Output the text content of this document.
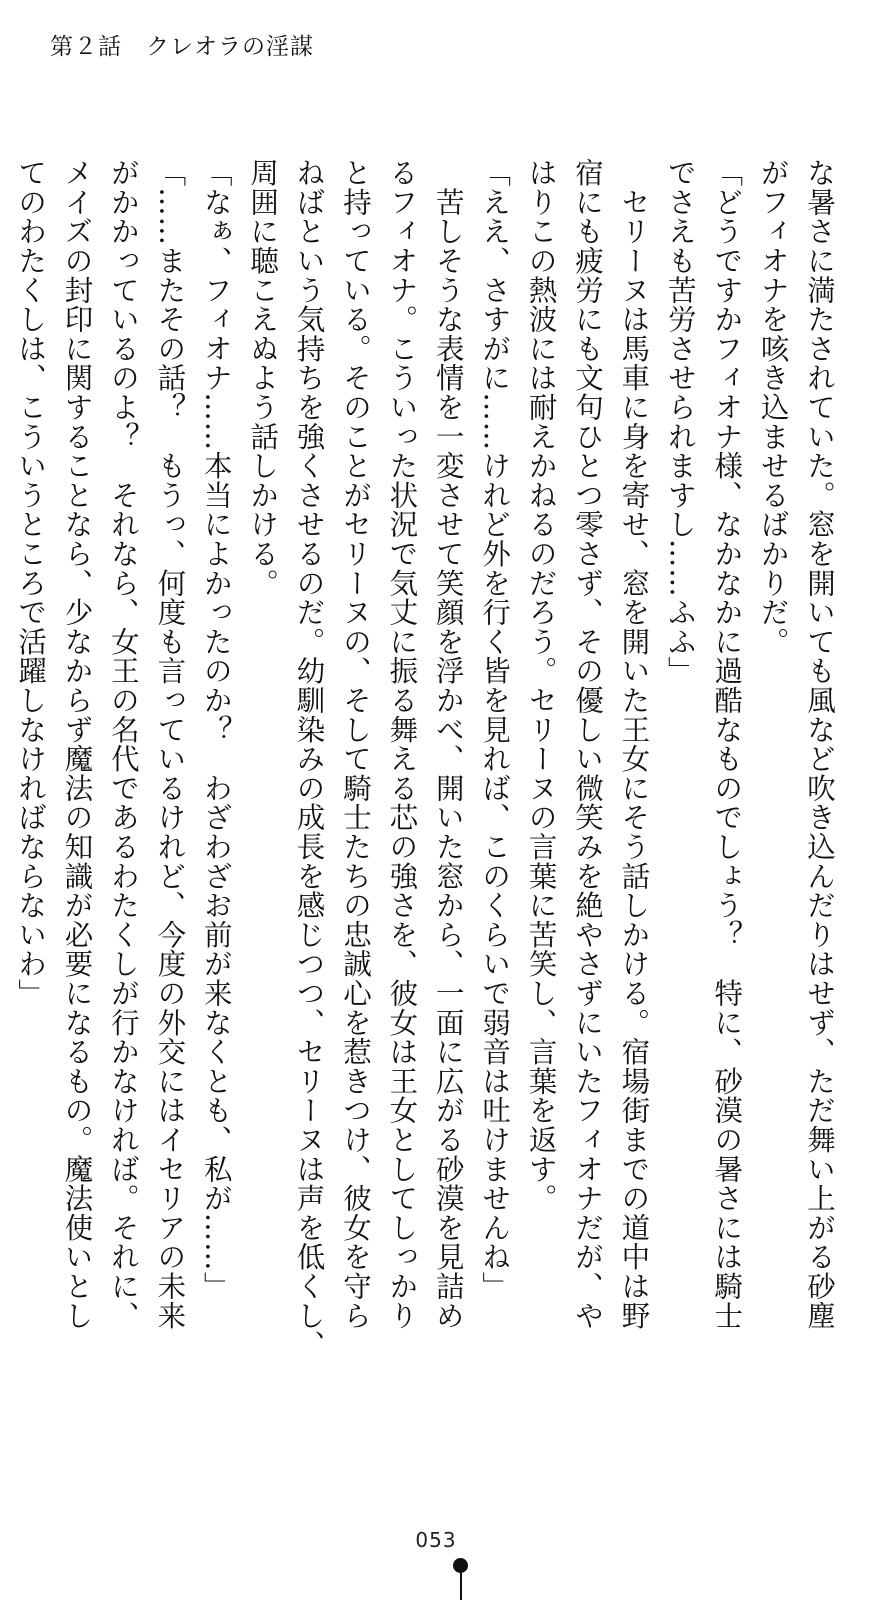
第２話　クレオラの淫謀
な暑さに満たされていた。窓を開いても風など吹き込んだりはせず、ただ舞い上がる砂塵
がフィオナを咳き込ませるばかりだ。
「どうですかフィオナ様、なかなかに過酷なものでしょう？　特に、砂漠の暑さには騎士
でさえも苦労させられますし……ふふ」
　セリーヌは馬車に身を寄せ、窓を開いた王女にそう話しかける。宿場街までの道中は野
宿にも疲労にも文句ひとつ零さず、その優しい微笑みを絶やさずにいたフィオナだが、や
はりこの熱波には耐えかねるのだろう。セリーヌの言葉に苦笑し、言葉を返す。
「ええ、さすがに……けれど外を行く皆を見れば、このくらいで弱音は吐けませんね」
　苦しそうな表情を一変させて笑顔を浮かべ、開いた窓から、一面に広がる砂漠を見詰め
るフィオナ。こういった状況で気丈に振る舞える芯の強さを、彼女は王女としてしっかり
と持っている。そのことがセリーヌの、そして騎士たちの忠誠心を惹きつけ、彼女を守ら
ねばという気持ちを強くさせるのだ。幼馴染みの成長を感じつつ、セリーヌは声を低くし、
周囲に聴こえぬよう話しかける。
「なぁ、フィオナ……本当によかったのか？　わざわざお前が来なくとも、私が……」
「……またその話？　もうっ、何度も言っているけれど、今度の外交にはイセリアの未来
がかかっているのよ？　それなら、女王の名代であるわたくしが行かなければ。それに、
メイズの封印に関することなら、少なからず魔法の知識が必要になるもの。魔法使いとし
てのわたくしは、こういうところで活躍しなければならないわ」
053
